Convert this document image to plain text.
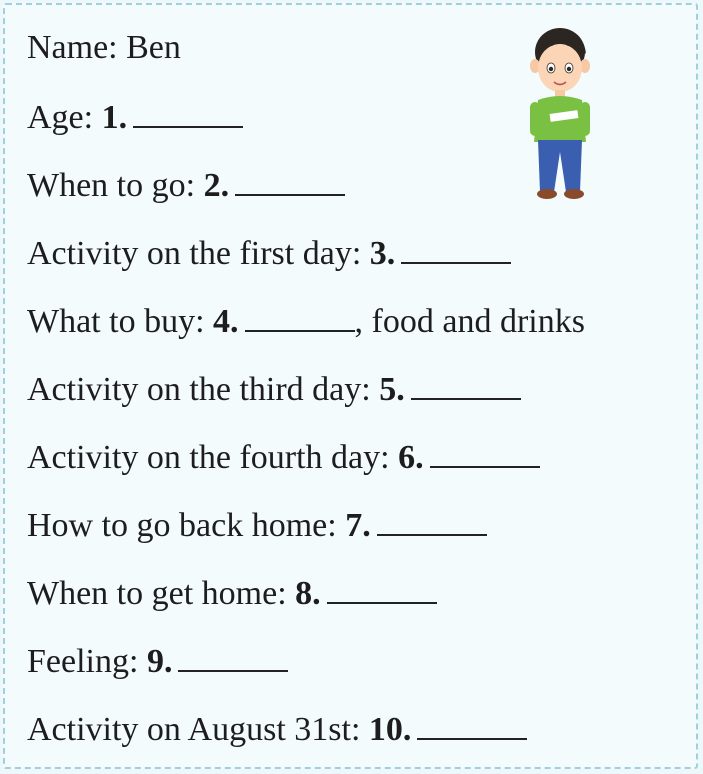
Name: Ben
Age: 1.
When to go: 2.
Activity on the first day: 3.
What to buy: 4.	, food and drinks
Activity on the third day: 5.
Activity on the fourth day: 6.
How to go back home: 7.
When to get home: 8.
Feeling: 9.
Activity on August 31st: 10.
